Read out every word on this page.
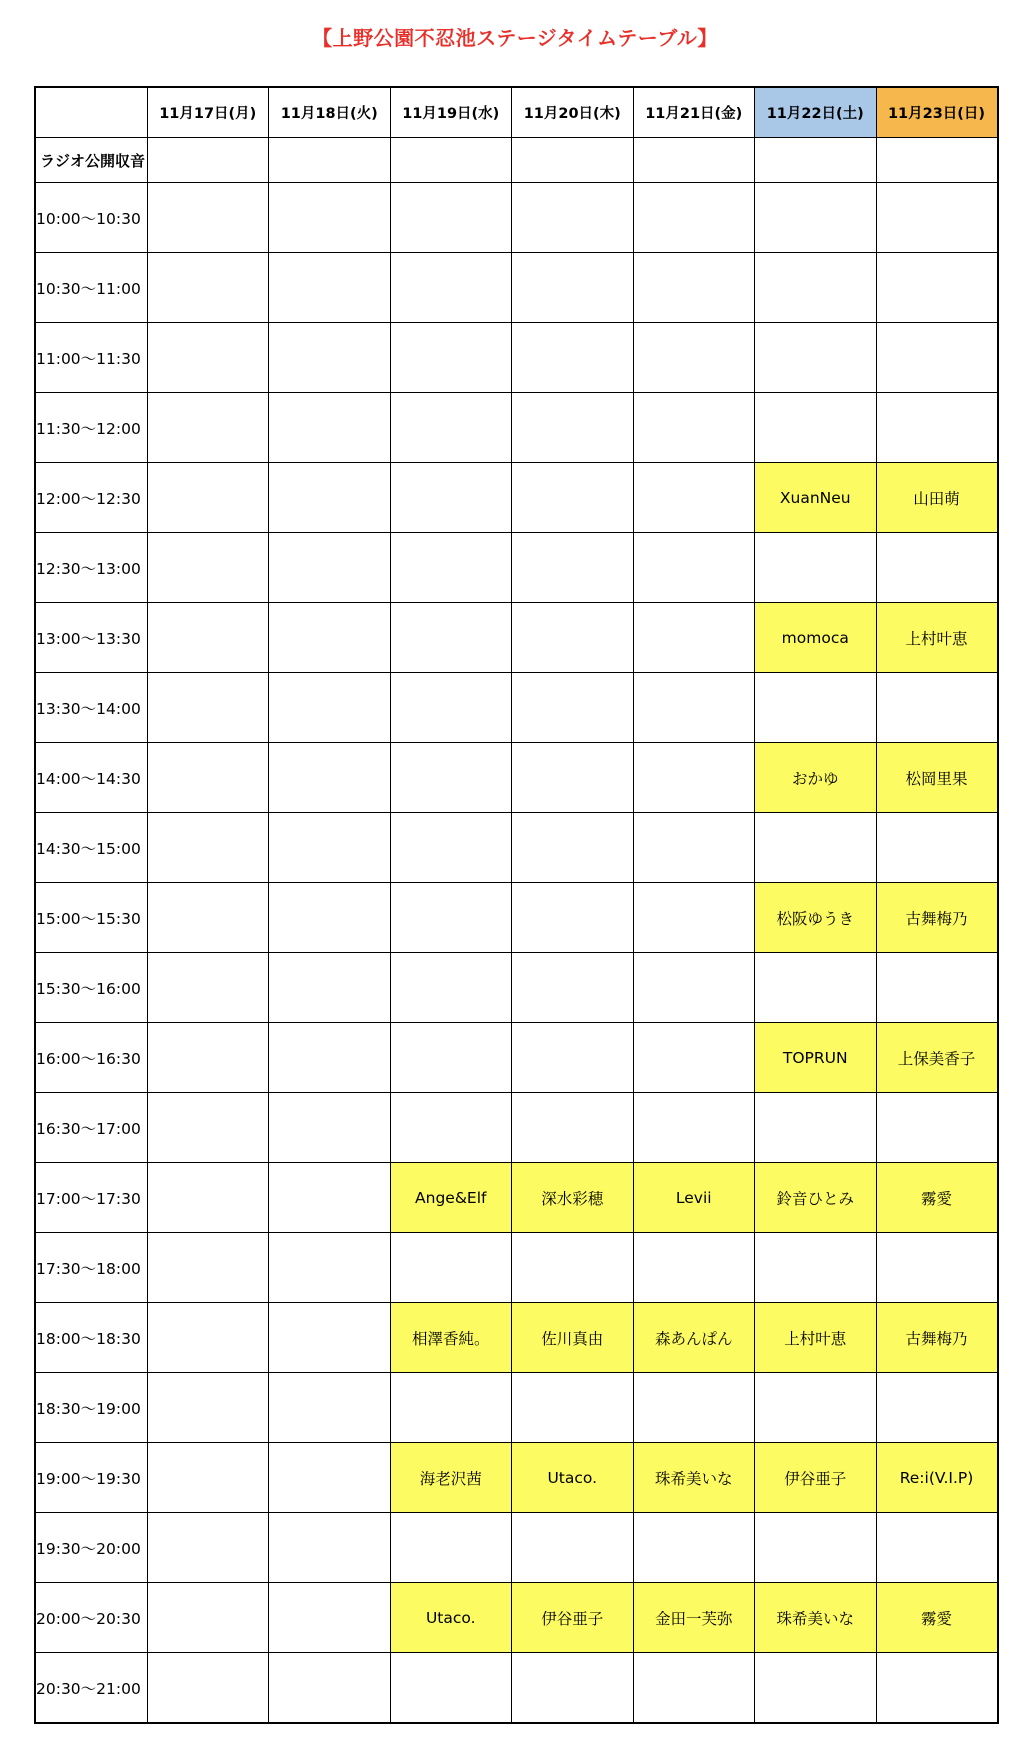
【上野公園不忍池ステージタイムテーブル】
	11月17日(月)	11月18日(火)	11月19日(水)	11月20日(木)	11月21日(金)	11月22日(土)	11月23日(日)
ラジオ公開収音							
10:00〜10:30							
10:30〜11:00							
11:00〜11:30							
11:30〜12:00							
12:00〜12:30						XuanNeu	山田萌
12:30〜13:00							
13:00〜13:30						momoca	上村叶恵
13:30〜14:00							
14:00〜14:30						おかゆ	松岡里果
14:30〜15:00							
15:00〜15:30						松阪ゆうき	古舞梅乃
15:30〜16:00							
16:00〜16:30						TOPRUN	上保美香子
16:30〜17:00							
17:00〜17:30			Ange&Elf	深水彩穂	Levii	鈴音ひとみ	霧愛
17:30〜18:00							
18:00〜18:30			相澤香純。	佐川真由	森あんぱん	上村叶恵	古舞梅乃
18:30〜19:00							
19:00〜19:30			海老沢茜	Utaco.	珠希美いな	伊谷亜子	Re:i(V.I.P)
19:30〜20:00							
20:00〜20:30			Utaco.	伊谷亜子	金田一芙弥	珠希美いな	霧愛
20:30〜21:00							
